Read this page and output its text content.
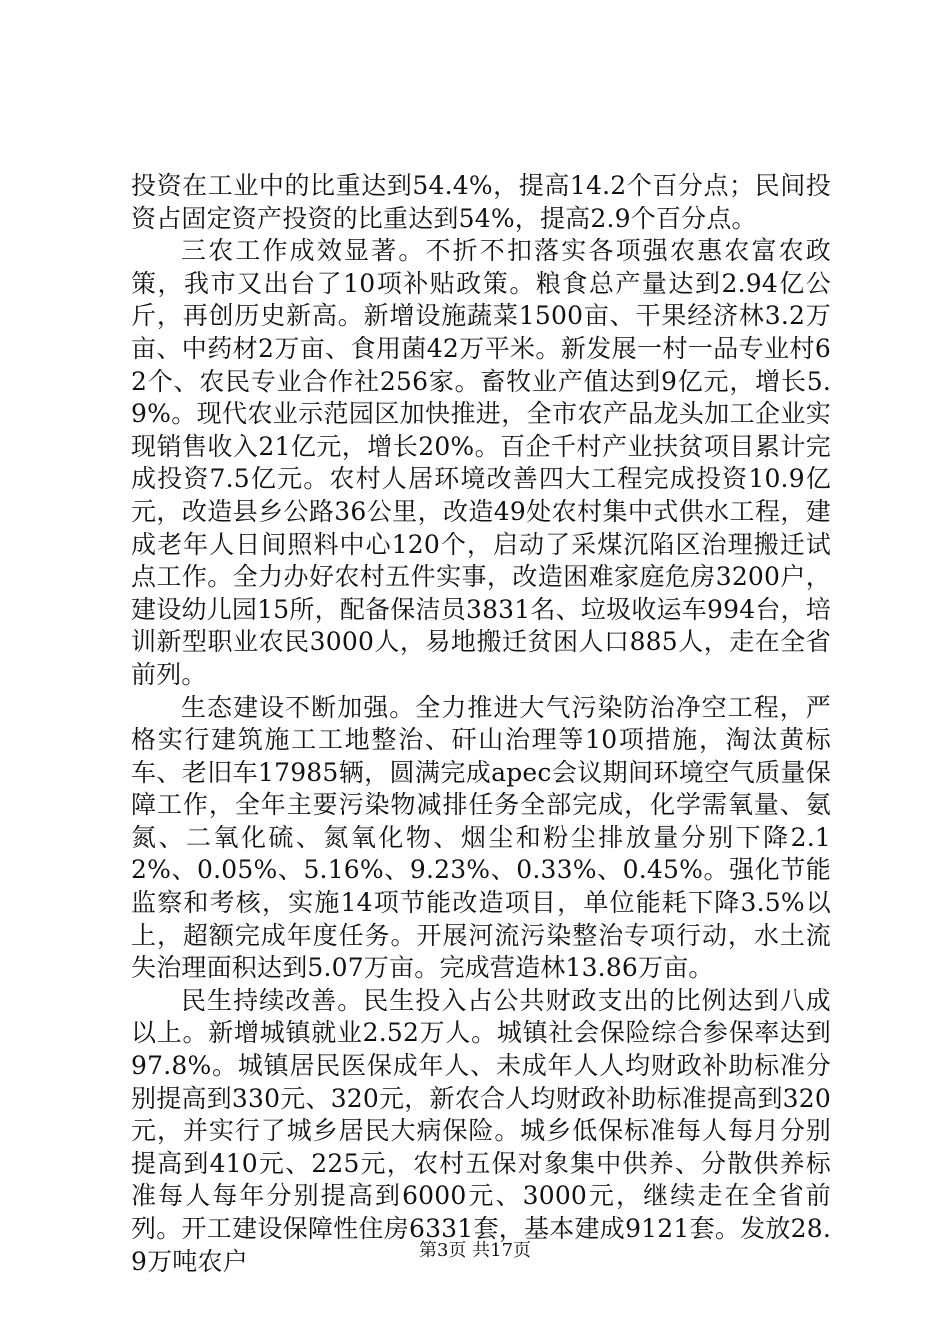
投资在工业中的比重达到54.4%，提高14.2个百分点；民间投资占固定资产投资的比重达到54%，提高2.9个百分点。

三农工作成效显著。不折不扣落实各项强农惠农富农政策，我市又出台了10项补贴政策。粮食总产量达到2.94亿公斤，再创历史新高。新增设施蔬菜1500亩、干果经济林3.2万亩、中药材2万亩、食用菌42万平米。新发展一村一品专业村62个、农民专业合作社256家。畜牧业产值达到9亿元，增长5.9%。现代农业示范园区加快推进，全市农产品龙头加工企业实现销售收入21亿元，增长20%。百企千村产业扶贫项目累计完成投资7.5亿元。农村人居环境改善四大工程完成投资10.9亿元，改造县乡公路36公里，改造49处农村集中式供水工程，建成老年人日间照料中心120个，启动了采煤沉陷区治理搬迁试点工作。全力办好农村五件实事，改造困难家庭危房3200户，建设幼儿园15所，配备保洁员3831名、垃圾收运车994台，培训新型职业农民3000人，易地搬迁贫困人口885人，走在全省前列。

生态建设不断加强。全力推进大气污染防治净空工程，严格实行建筑施工工地整治、矸山治理等10项措施，淘汰黄标车、老旧车17985辆，圆满完成apec会议期间环境空气质量保障工作，全年主要污染物减排任务全部完成，化学需氧量、氨氮、二氧化硫、氮氧化物、烟尘和粉尘排放量分别下降2.12%、0.05%、5.16%、9.23%、0.33%、0.45%。强化节能监察和考核，实施14项节能改造项目，单位能耗下降3.5%以上，超额完成年度任务。开展河流污染整治专项行动，水土流失治理面积达到5.07万亩。完成营造林13.86万亩。

民生持续改善。民生投入占公共财政支出的比例达到八成以上。新增城镇就业2.52万人。城镇社会保险综合参保率达到97.8%。城镇居民医保成年人、未成年人人均财政补助标准分别提高到330元、320元，新农合人均财政补助标准提高到320元，并实行了城乡居民大病保险。城乡低保标准每人每月分别提高到410元、225元，农村五保对象集中供养、分散供养标准每人每年分别提高到6000元、3000元，继续走在全省前列。开工建设保障性住房6331套，基本建成9121套。发放28.9万吨农户	第3页 共17页
